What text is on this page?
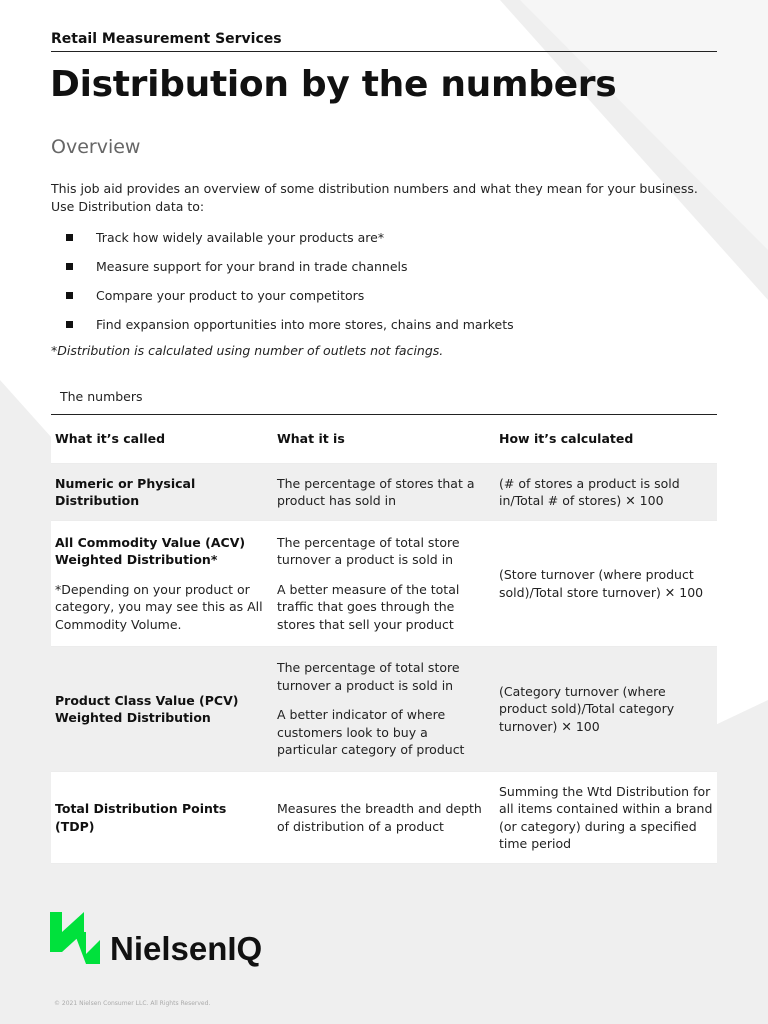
Retail Measurement Services
Distribution by the numbers
Overview
This job aid provides an overview of some distribution numbers and what they mean for your business.
Use Distribution data to:
Track how widely available your products are*
Measure support for your brand in trade channels
Compare your product to your competitors
Find expansion opportunities into more stores, chains and markets
*Distribution is calculated using number of outlets not facings.
The numbers
What it’s called	What it is	How it’s calculated

Numeric or Physical Distribution

The percentage of stores that a product has sold in

(# of stores a product is sold in/Total # of stores) ✕ 100

All Commodity Value (ACV) Weighted Distribution*

*Depending on your product or category, you may see this as All Commodity Volume.

The percentage of total store turnover a product is sold in

A better measure of the total traffic that goes through the stores that sell your product

(Store turnover (where product sold)/Total store turnover) ✕ 100

Product Class Value (PCV) Weighted Distribution

The percentage of total store turnover a product is sold in

A better indicator of where customers look to buy a particular category of product

(Category turnover (where product sold)/Total category turnover) ✕ 100

Total Distribution Points (TDP)

Measures the breadth and depth of distribution of a product

Summing the Wtd Distribution for all items contained within a brand (or category) during a specified time period

NielsenIQ
© 2021 Nielsen Consumer LLC. All Rights Reserved.
